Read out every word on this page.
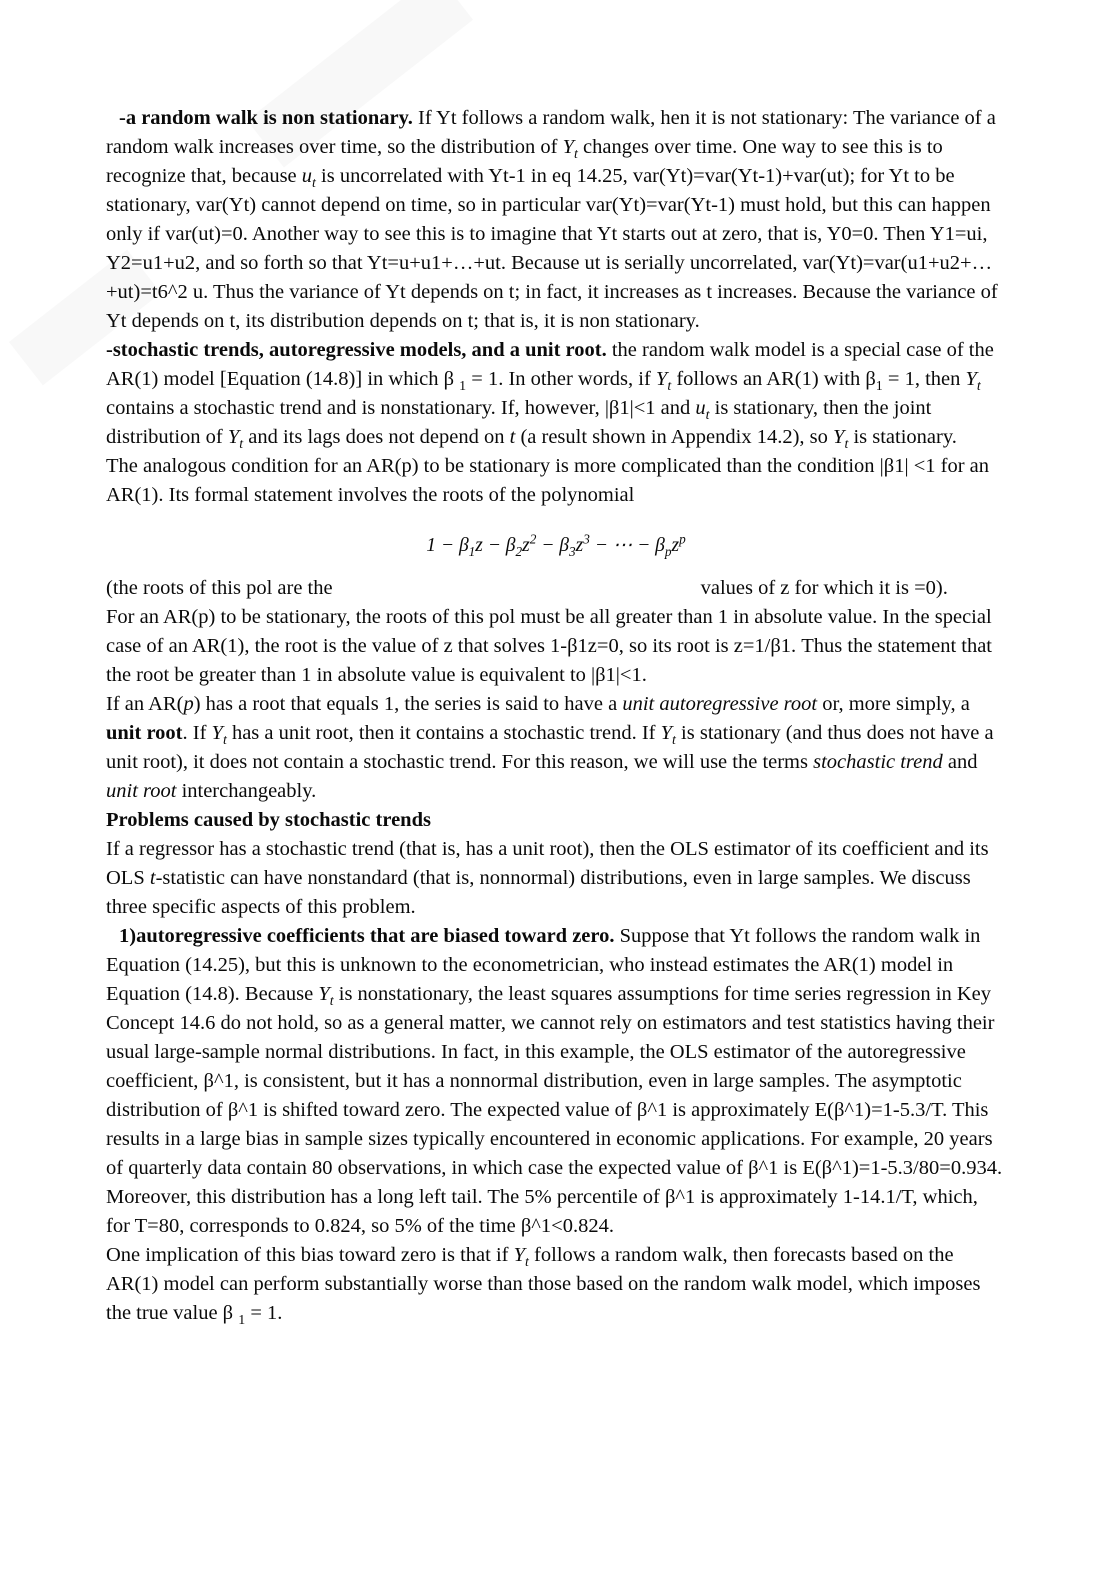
-a random walk is non stationary. If Yt follows a random walk, hen it is not stationary: The variance of a random walk increases over time, so the distribution of $Y_t$ changes over time. One way to see this is to recognize that, because $u_t$ is uncorrelated with Yt-1 in eq 14.25, var(Yt)=var(Yt-1)+var(ut); for Yt to be stationary, var(Yt) cannot depend on time, so in particular var(Yt)=var(Yt-1) must hold, but this can happen only if var(ut)=0. Another way to see this is to imagine that Yt starts out at zero, that is, Y0=0. Then Y1=ui, Y2=u1+u2, and so forth so that Yt=u+u1+…+ut. Because ut is serially uncorrelated, var(Yt)=var(u1+u2+…+ut)=t6^2 u. Thus the variance of Yt depends on t; in fact, it increases as t increases. Because the variance of Yt depends on t, its distribution depends on t; that is, it is non stationary.
-stochastic trends, autoregressive models, and a unit root. the random walk model is a special case of the AR(1) model [Equation (14.8)] in which β $_1$ = 1. In other words, if $Y_t$ follows an AR(1) with $\beta_1 = 1$, then $Y_t$ contains a stochastic trend and is nonstationary. If, however, |β1|<1 and $u_t$ is stationary, then the joint distribution of $Y_t$ and its lags does not depend on t (a result shown in Appendix 14.2), so $Y_t$ is stationary.
The analogous condition for an AR(p) to be stationary is more complicated than the condition |β1| <1 for an AR(1). Its formal statement involves the roots of the polynomial
$1 - \beta_1z - \beta_2z^2 - \beta_3z^3$ − ⋯ − $\beta_pz^p$
(the roots of this pol are the	values of z for which it is =0).
For an AR(p) to be stationary, the roots of this pol must be all greater than 1 in absolute value. In the special case of an AR(1), the root is the value of z that solves 1-β1z=0, so its root is z=1/β1. Thus the statement that the root be greater than 1 in absolute value is equivalent to |β1|<1.
If an AR(p) has a root that equals 1, the series is said to have a unit autoregressive root or, more simply, a unit root. If $Y_t$ has a unit root, then it contains a stochastic trend. If $Y_t$ is stationary (and thus does not have a unit root), it does not contain a stochastic trend. For this reason, we will use the terms stochastic trend and unit root interchangeably.
Problems caused by stochastic trends
If a regressor has a stochastic trend (that is, has a unit root), then the OLS estimator of its coefficient and its OLS t-statistic can have nonstandard (that is, nonnormal) distributions, even in large samples. We discuss three specific aspects of this problem.
1)autoregressive coefficients that are biased toward zero. Suppose that Yt follows the random walk in Equation (14.25), but this is unknown to the econometrician, who instead estimates the AR(1) model in Equation (14.8). Because $Y_t$ is nonstationary, the least squares assumptions for time series regression in Key Concept 14.6 do not hold, so as a general matter, we cannot rely on estimators and test statistics having their usual large-sample normal distributions. In fact, in this example, the OLS estimator of the autoregressive coefficient, β^1, is consistent, but it has a nonnormal distribution, even in large samples. The asymptotic distribution of β^1 is shifted toward zero. The expected value of β^1 is approximately E(β^1)=1-5.3/T. This results in a large bias in sample sizes typically encountered in economic applications. For example, 20 years of quarterly data contain 80 observations, in which case the expected value of β^1 is E(β^1)=1-5.3/80=0.934. Moreover, this distribution has a long left tail. The 5% percentile of β^1 is approximately 1-14.1/T, which, for T=80, corresponds to 0.824, so 5% of the time β^1<0.824.
One implication of this bias toward zero is that if $Y_t$ follows a random walk, then forecasts based on the AR(1) model can perform substantially worse than those based on the random walk model, which imposes the true value β $_1$ = 1.
